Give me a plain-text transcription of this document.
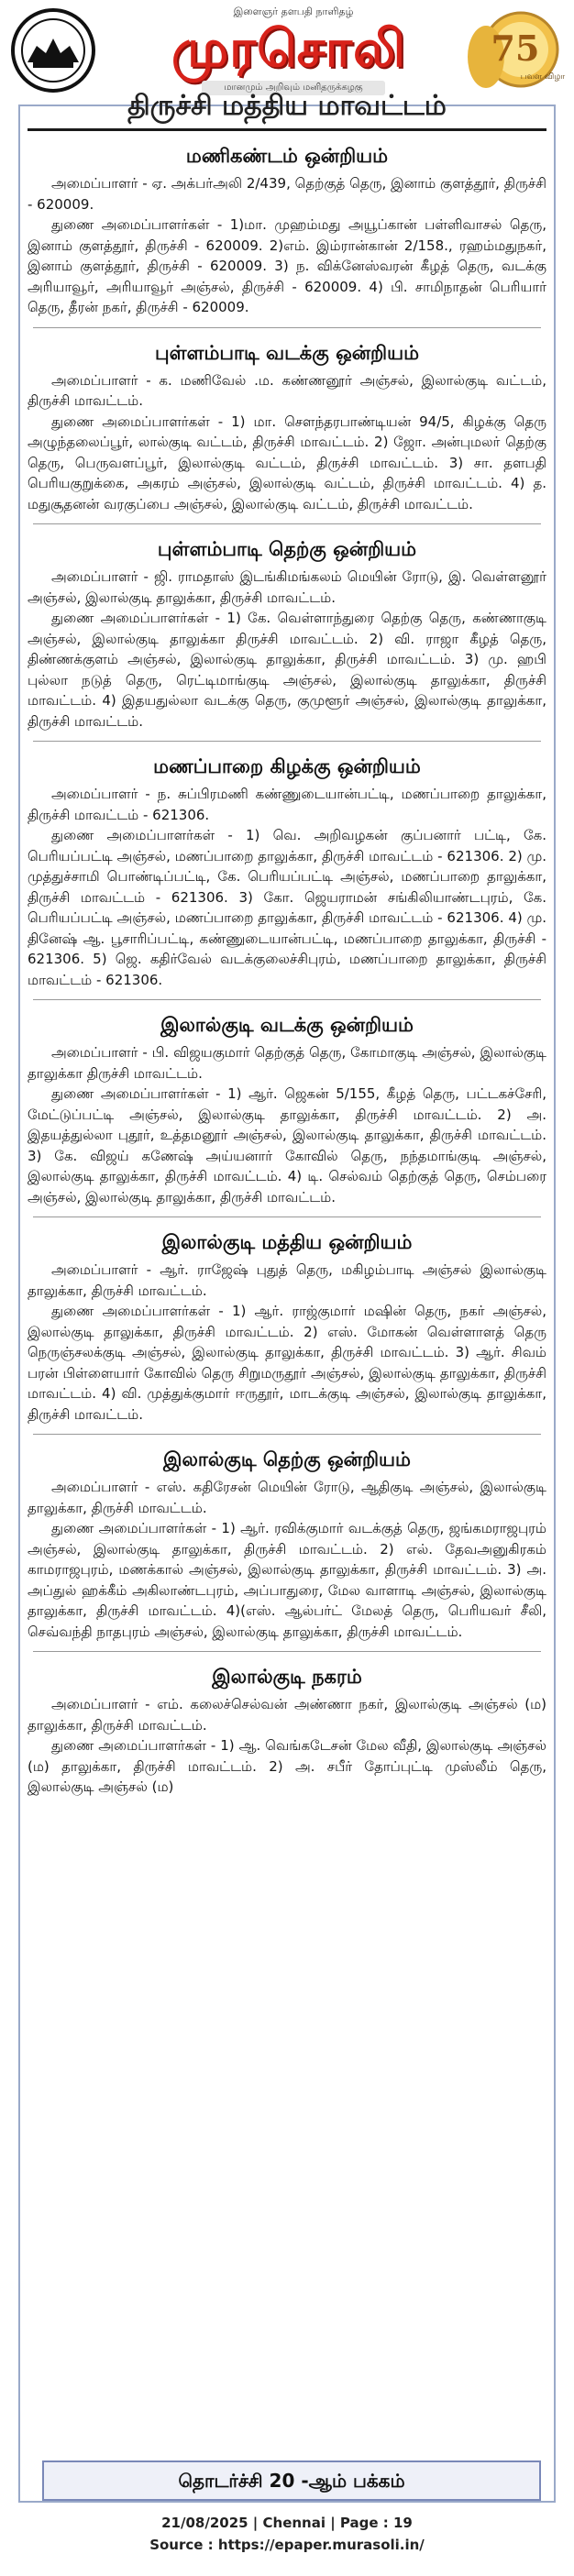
இளைஞர் தளபதி நாளிதழ்
முரசொலி
மானமும் அறிவும் மனிதருக்கழகு
75
பவள விழா
திருச்சி மத்திய மாவட்டம்
மணிகண்டம் ஒன்றியம்

அமைப்பாளர் - ஏ. அக்பர்அலி 2/439, தெற்குத் தெரு, இனாம் குளத்தூர், திருச்சி - 620009.

துணை அமைப்பாளர்கள் - 1)மா. முஹம்மது அயூப்கான் பள்ளிவாசல் தெரு, இனாம் குளத்தூர், திருச்சி - 620009. 2)எம். இம்ரான்கான் 2/158., ரஹம்மதுநகர், இனாம் குளத்தூர், திருச்சி - 620009. 3) ந. விக்னேஸ்வரன் கீழத் தெரு, வடக்கு அரியாவூர், அரியாவூர் அஞ்சல், திருச்சி - 620009. 4) பி. சாமிநாதன் பெரியார் தெரு, தீரன் நகர், திருச்சி - 620009.

புள்ளம்பாடி வடக்கு ஒன்றியம்

அமைப்பாளர் - க. மணிவேல் .ம. கண்ணனூர் அஞ்சல், இலால்குடி வட்டம், திருச்சி மாவட்டம்.

துணை அமைப்பாளர்கள் - 1) மா. சௌந்தரபாண்டியன் 94/5, கிழக்கு தெரு அழுந்தலைப்பூர், லால்குடி வட்டம், திருச்சி மாவட்டம். 2) ஜோ. அன்புமலர் தெற்கு தெரு, பெருவளப்பூர், இலால்குடி வட்டம், திருச்சி மாவட்டம். 3) சா. தளபதி பெரியகுறுக்கை, அகரம் அஞ்சல், இலால்குடி வட்டம், திருச்சி மாவட்டம். 4) த. மதுசூதனன் வரகுப்பை அஞ்சல், இலால்குடி வட்டம், திருச்சி மாவட்டம்.

புள்ளம்பாடி தெற்கு ஒன்றியம்

அமைப்பாளர் - ஜி. ராமதாஸ் இடங்கிமங்கலம் மெயின் ரோடு, இ. வெள்ளனூர் அஞ்சல், இலால்குடி தாலுக்கா, திருச்சி மாவட்டம்.

துணை அமைப்பாளர்கள் - 1) கே. வெள்ளாந்துரை தெற்கு தெரு, கண்ணாகுடி அஞ்சல், இலால்குடி தாலுக்கா திருச்சி மாவட்டம். 2) வி. ராஜா கீழத் தெரு, திண்ணக்குளம் அஞ்சல், இலால்குடி தாலுக்கா, திருச்சி மாவட்டம். 3) மு. ஹபி புல்லா நடுத் தெரு, ரெட்டிமாங்குடி அஞ்சல், இலால்குடி தாலுக்கா, திருச்சி மாவட்டம். 4) இதயதுல்லா வடக்கு தெரு, குமுளூர் அஞ்சல், இலால்குடி தாலுக்கா, திருச்சி மாவட்டம்.

மணப்பாறை கிழக்கு ஒன்றியம்

அமைப்பாளர் - ந. சுப்பிரமணி கண்ணுடையான்பட்டி, மணப்பாறை தாலுக்கா, திருச்சி மாவட்டம் - 621306.

துணை அமைப்பாளர்கள் - 1) வெ. அறிவழகன் குப்பனார் பட்டி, கே. பெரியப்பட்டி அஞ்சல், மணப்பாறை தாலுக்கா, திருச்சி மாவட்டம் - 621306. 2) மு. முத்துச்சாமி பொண்டிப்பட்டி, கே. பெரியப்பட்டி அஞ்சல், மணப்பாறை தாலுக்கா, திருச்சி மாவட்டம் - 621306. 3) கோ. ஜெயராமன் சங்கிலியாண்டபுரம், கே. பெரியப்பட்டி அஞ்சல், மணப்பாறை தாலுக்கா, திருச்சி மாவட்டம் - 621306. 4) மு. தினேஷ் ஆ. பூசாரிப்பட்டி, கண்ணுடையான்பட்டி, மணப்பாறை தாலுக்கா, திருச்சி - 621306. 5) ஜெ. கதிர்வேல் வடக்குலைச்சிபுரம், மணப்பாறை தாலுக்கா, திருச்சி மாவட்டம் - 621306.

இலால்குடி வடக்கு ஒன்றியம்

அமைப்பாளர் - பி. விஜயகுமார் தெற்குத் தெரு, கோமாகுடி அஞ்சல், இலால்குடி தாலுக்கா திருச்சி மாவட்டம்.

துணை அமைப்பாளர்கள் - 1) ஆர். ஜெகன் 5/155, கீழத் தெரு, பட்டகச்சேரி, மேட்டுப்பட்டி அஞ்சல், இலால்குடி தாலுக்கா, திருச்சி மாவட்டம். 2) அ. இதயத்துல்லா புதூர், உத்தமனூர் அஞ்சல், இலால்குடி தாலுக்கா, திருச்சி மாவட்டம். 3) கே. விஜய் கணேஷ் அய்யனார் கோவில் தெரு, நந்தமாங்குடி அஞ்சல், இலால்குடி தாலுக்கா, திருச்சி மாவட்டம். 4) டி. செல்வம் தெற்குத் தெரு, செம்பரை அஞ்சல், இலால்குடி தாலுக்கா, திருச்சி மாவட்டம்.

இலால்குடி மத்திய ஒன்றியம்

அமைப்பாளர் - ஆர். ராஜேஷ் புதுத் தெரு, மகிழம்பாடி அஞ்சல் இலால்குடி தாலுக்கா, திருச்சி மாவட்டம்.

துணை அமைப்பாளர்கள் - 1) ஆர். ராஜ்குமார் மஷின் தெரு, நகர் அஞ்சல், இலால்குடி தாலுக்கா, திருச்சி மாவட்டம். 2) எஸ். மோகன் வெள்ளாளத் தெரு நெருஞ்சலக்குடி அஞ்சல், இலால்குடி தாலுக்கா, திருச்சி மாவட்டம். 3) ஆர். சிவம் பரன் பிள்ளையார் கோவில் தெரு சிறுமருதூர் அஞ்சல், இலால்குடி தாலுக்கா, திருச்சி மாவட்டம். 4) வி. முத்துக்குமார் ஈருதூர், மாடக்குடி அஞ்சல், இலால்குடி தாலுக்கா, திருச்சி மாவட்டம்.

இலால்குடி தெற்கு ஒன்றியம்

அமைப்பாளர் - எஸ். கதிரேசன் மெயின் ரோடு, ஆதிகுடி அஞ்சல், இலால்குடி தாலுக்கா, திருச்சி மாவட்டம்.

துணை அமைப்பாளர்கள் - 1) ஆர். ரவிக்குமார் வடக்குத் தெரு, ஜங்கமராஜபுரம் அஞ்சல், இலால்குடி தாலுக்கா, திருச்சி மாவட்டம். 2) எல். தேவஅனுகிரகம் காமராஜபுரம், மணக்கால் அஞ்சல், இலால்குடி தாலுக்கா, திருச்சி மாவட்டம். 3) அ. அப்துல் ஹக்கீம் அகிலாண்டபுரம், அப்பாதுரை, மேல வாளாடி அஞ்சல், இலால்குடி தாலுக்கா, திருச்சி மாவட்டம். 4)(எஸ். ஆல்பர்ட் மேலத் தெரு, பெரியவர் சீலி, செவ்வந்தி நாதபுரம் அஞ்சல், இலால்குடி தாலுக்கா, திருச்சி மாவட்டம்.

இலால்குடி நகரம்

அமைப்பாளர் - எம். கலைச்செல்வன் அண்ணா நகர், இலால்குடி அஞ்சல் (ம) தாலுக்கா, திருச்சி மாவட்டம்.

துணை அமைப்பாளர்கள் - 1) ஆ. வெங்கடேசன் மேல வீதி, இலால்குடி அஞ்சல் (ம) தாலுக்கா, திருச்சி மாவட்டம். 2) அ. சபீர் தோப்புட்டி முஸ்லீம் தெரு, இலால்குடி அஞ்சல் (ம)

தொடர்ச்சி 20 -ஆம் பக்கம்
21/08/2025 | Chennai | Page : 19
Source : https://epaper.murasoli.in/
